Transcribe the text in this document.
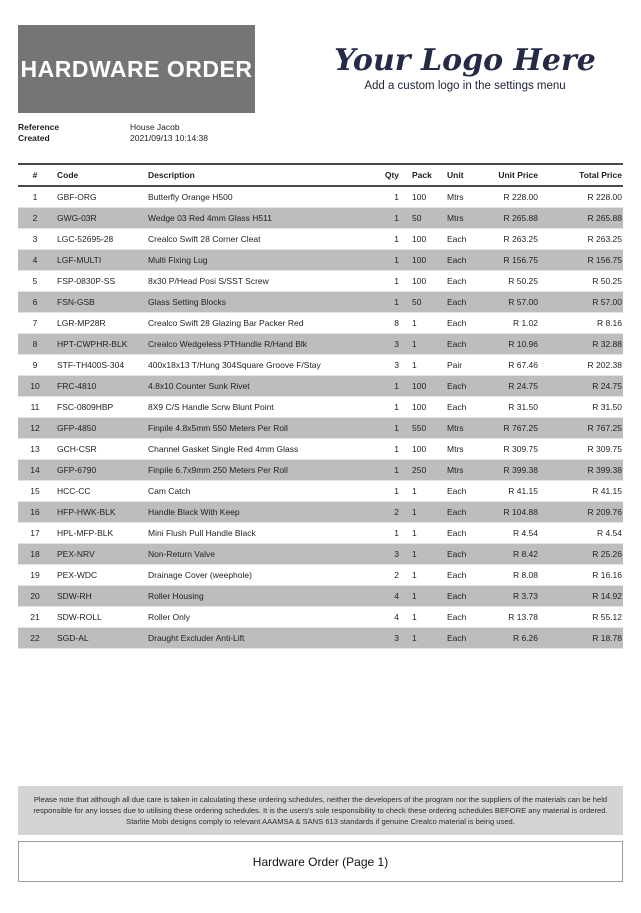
HARDWARE ORDER	Your Logo Here
Add a custom logo in the settings menu
Reference	House Jacob
Created	2021/09/13 10:14:38
#	Code	Description	Qty	Pack	Unit	Unit Price	Total Price
1	GBF-ORG	Butterfly Orange H500	1	100	Mtrs	R 228.00	R 228.00
2	GWG-03R	Wedge 03 Red 4mm Glass H511	1	50	Mtrs	R 265.88	R 265.88
3	LGC-52695-28	Crealco Swift 28 Corner Cleat	1	100	Each	R 263.25	R 263.25
4	LGF-MULTI	Multi Fixing Lug	1	100	Each	R 156.75	R 156.75
5	FSP-0830P-SS	8x30 P/Head Posi S/SST Screw	1	100	Each	R 50.25	R 50.25
6	FSN-GSB	Glass Setting Blocks	1	50	Each	R 57.00	R 57.00
7	LGR-MP28R	Crealco Swift 28 Glazing Bar Packer Red	8	1	Each	R 1.02	R 8.16
8	HPT-CWPHR-BLK	Crealco Wedgeless PTHandle R/Hand Blk	3	1	Each	R 10.96	R 32.88
9	STF-TH400S-304	400x18x13 T/Hung 304Square Groove F/Stay	3	1	Pair	R 67.46	R 202.38
10	FRC-4810	4.8x10 Counter Sunk Rivet	1	100	Each	R 24.75	R 24.75
11	FSC-0809HBP	8X9 C/S Handle Scrw Blunt Point	1	100	Each	R 31.50	R 31.50
12	GFP-4850	Finpile 4.8x5mm 550 Meters Per Roll	1	550	Mtrs	R 767.25	R 767.25
13	GCH-CSR	Channel Gasket Single Red 4mm Glass	1	100	Mtrs	R 309.75	R 309.75
14	GFP-6790	Finpile 6.7x9mm 250 Meters Per Roll	1	250	Mtrs	R 399.38	R 399.38
15	HCC-CC	Cam Catch	1	1	Each	R 41.15	R 41.15
16	HFP-HWK-BLK	Handle Black With Keep	2	1	Each	R 104.88	R 209.76
17	HPL-MFP-BLK	Mini Flush Pull Handle Black	1	1	Each	R 4.54	R 4.54
18	PEX-NRV	Non-Return Valve	3	1	Each	R 8.42	R 25.26
19	PEX-WDC	Drainage Cover (weephole)	2	1	Each	R 8.08	R 16.16
20	SDW-RH	Roller Housing	4	1	Each	R 3.73	R 14.92
21	SDW-ROLL	Roller Only	4	1	Each	R 13.78	R 55.12
22	SGD-AL	Draught Excluder Anti-Lift	3	1	Each	R 6.26	R 18.78
Please note that although all due care is taken in calculating these ordering schedules, neither the developers of the program nor the suppliers of the materials can be held responsible for any losses due to utilising these ordering schedules. It is the users's sole responsibility to check these ordering schedules BEFORE any material is ordered. Starlite Mobi designs comply to relevant AAAMSA & SANS 613 standards if genuine Crealco material is being used.
Hardware Order (Page 1)
